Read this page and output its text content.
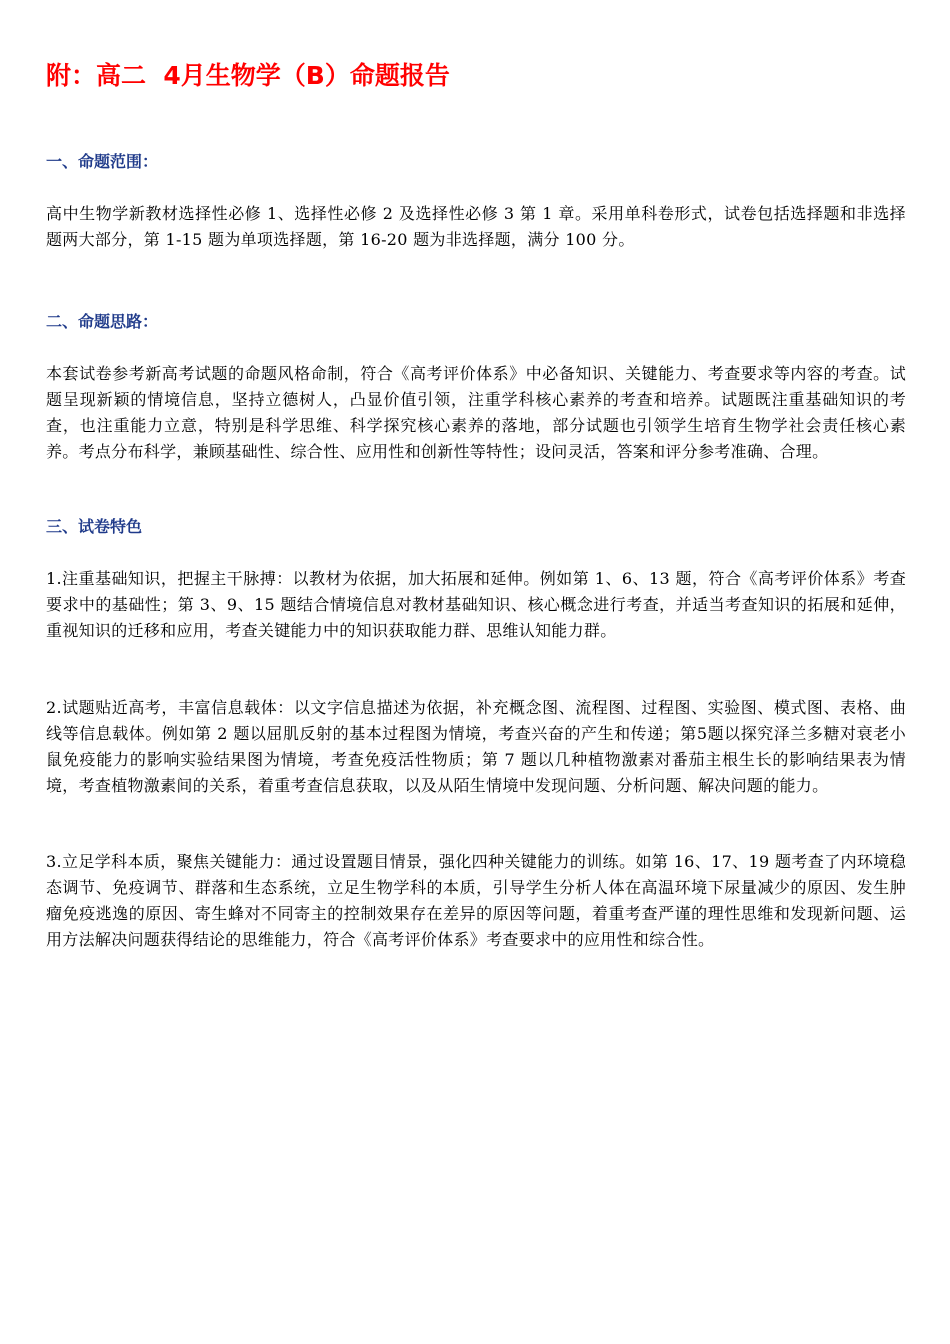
附：高二  4月生物学（B）命题报告
一、命题范围：

高中生物学新教材选择性必修 1、选择性必修 2 及选择性必修 3 第 1 章。采用单科卷形式，试卷包括选择题和非选择题两大部分，第 1-15 题为单项选择题，第 16-20 题为非选择题，满分 100 分。

二、命题思路：

本套试卷参考新高考试题的命题风格命制，符合《高考评价体系》中必备知识、关键能力、考查要求等内容的考查。试题呈现新颖的情境信息，坚持立德树人，凸显价值引领，注重学科核心素养的考查和培养。试题既注重基础知识的考查，也注重能力立意，特别是科学思维、科学探究核心素养的落地，部分试题也引领学生培育生物学社会责任核心素养。考点分布科学，兼顾基础性、综合性、应用性和创新性等特性；设问灵活，答案和评分参考准确、合理。

三、试卷特色

1.注重基础知识，把握主干脉搏：以教材为依据，加大拓展和延伸。例如第 1、6、13 题，符合《高考评价体系》考查要求中的基础性；第 3、9、15 题结合情境信息对教材基础知识、核心概念进行考查，并适当考查知识的拓展和延伸，重视知识的迁移和应用，考查关键能力中的知识获取能力群、思维认知能力群。

2.试题贴近高考，丰富信息载体：以文字信息描述为依据，补充概念图、流程图、过程图、实验图、模式图、表格、曲线等信息载体。例如第 2 题以屈肌反射的基本过程图为情境，考查兴奋的产生和传递；第5题以探究泽兰多糖对衰老小鼠免疫能力的影响实验结果图为情境，考查免疫活性物质；第 7 题以几种植物激素对番茄主根生长的影响结果表为情境，考查植物激素间的关系，着重考查信息获取，以及从陌生情境中发现问题、分析问题、解决问题的能力。

3.立足学科本质，聚焦关键能力：通过设置题目情景，强化四种关键能力的训练。如第 16、17、19 题考查了内环境稳态调节、免疫调节、群落和生态系统，立足生物学科的本质，引导学生分析人体在高温环境下尿量减少的原因、发生肿瘤免疫逃逸的原因、寄生蜂对不同寄主的控制效果存在差异的原因等问题，着重考查严谨的理性思维和发现新问题、运用方法解决问题获得结论的思维能力，符合《高考评价体系》考查要求中的应用性和综合性。
